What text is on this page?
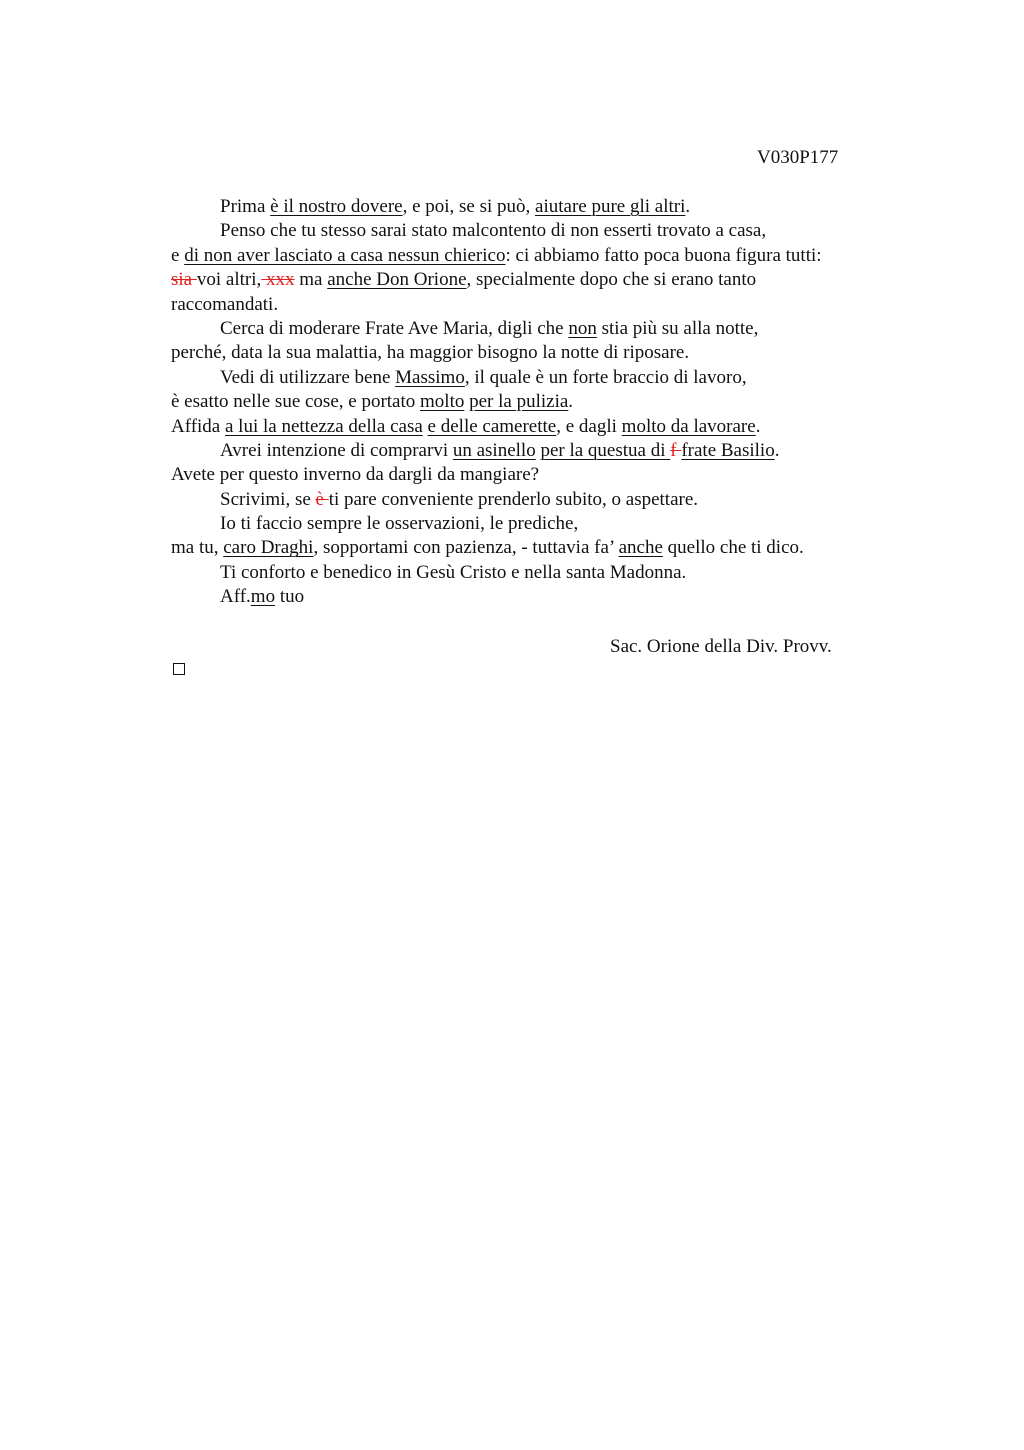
V030P177
Prima è il nostro dovere, e poi, se si può, aiutare pure gli altri.
Penso che tu stesso sarai stato malcontento di non esserti trovato a casa,
e di non aver lasciato a casa nessun chierico: ci abbiamo fatto poca buona figura tutti:
sia voi altri, xxx ma anche Don Orione, specialmente dopo che si erano tanto
raccomandati.
Cerca di moderare Frate Ave Maria, digli che non stia più su alla notte,
perché, data la sua malattia, ha maggior bisogno la notte di riposare.
Vedi di utilizzare bene Massimo, il quale è un forte braccio di lavoro,
è esatto nelle sue cose, e portato molto per la pulizia.
Affida a lui la nettezza della casa e delle camerette, e dagli molto da lavorare.
Avrei intenzione di comprarvi un asinello per la questua di f frate Basilio.
Avete per questo inverno da dargli da mangiare?
Scrivimi, se è ti pare conveniente prenderlo subito, o aspettare.
Io ti faccio sempre le osservazioni, le prediche,
ma tu, caro Draghi, sopportami con pazienza, - tuttavia fa’ anche quello che ti dico.
Ti conforto e benedico in Gesù Cristo e nella santa Madonna.
Aff.mo tuo
Sac. Orione della Div. Provv.
